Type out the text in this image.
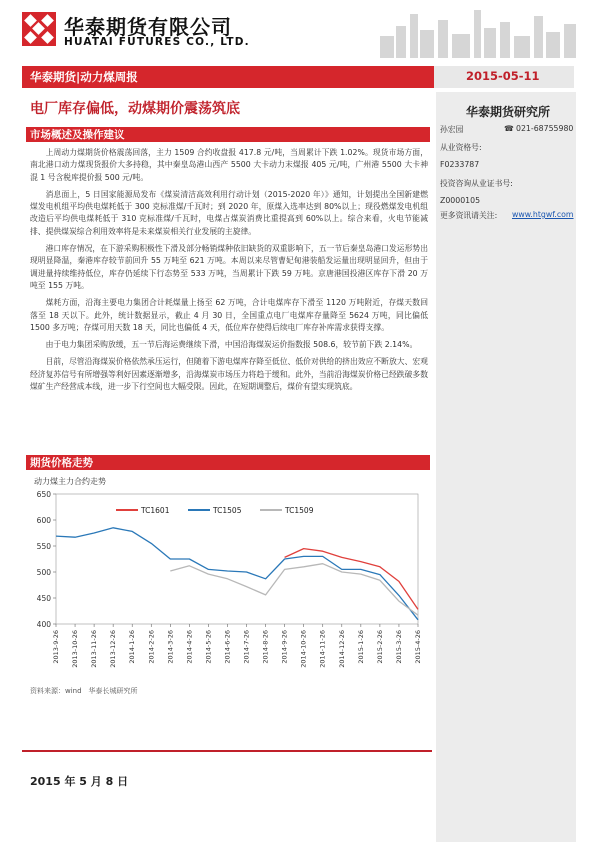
华泰期货有限公司
HUATAI FUTURES CO., LTD.
华泰期货|动力煤周报	2015-05-11
华泰期货研究所
孙宏园	☎ 021-68755980
从业资格号:
F0233787
投资咨询从业证书号:
Z0000105
更多资讯请关注: www.htgwf.com
电厂库存偏低，动煤期价震荡筑底
市场概述及操作建议

上周动力煤期货价格震荡回落，主力 1509 合约收盘报 417.8 元/吨，当周累计下跌 1.02%。现货市场方面，南北港口动力煤现货报价大多持稳，其中秦皇岛港山西产 5500 大卡动力末煤报 405 元/吨，广州港 5500 大卡神混 1 号含税库提价报 500 元/吨。

消息面上，5 日国家能源局发布《煤炭清洁高效利用行动计划（2015-2020 年）》通知，计划提出全国新建燃煤发电机组平均供电煤耗低于 300 克标准煤/千瓦时；到 2020 年，原煤入选率达到 80%以上；现役燃煤发电机组改造后平均供电煤耗低于 310 克标准煤/千瓦时，电煤占煤炭消费比重提高到 60%以上。综合来看，火电节能减排、提供煤炭综合利用效率将是未来煤炭相关行业发展的主旋律。

港口库存情况，在下游采购积极性下滑及部分畅销煤种依旧缺货的双重影响下，五一节后秦皇岛港口发运形势出现明显降温，秦港库存较节前回升 55 万吨至 621 万吨。本周以来尽管曹妃甸港装船发运量出现明显回升，但由于调进量持续维持低位，库存仍延续下行态势至 533 万吨，当周累计下跌 59 万吨。京唐港国投港区库存下滑 20 万吨至 155 万吨。

煤耗方面，沿海主要电力集团合计耗煤量上扬至 62 万吨，合计电煤库存下滑至 1120 万吨附近，存煤天数回落至 18 天以下。此外，统计数据显示，截止 4 月 30 日，全国重点电厂电煤库存量降至 5624 万吨，同比偏低 1500 多万吨；存煤可用天数 18 天，同比也偏低 4 天，低位库存使得后续电厂库存补库需求获得支撑。

由于电力集团采购放缓，五一节后海运费继续下滑，中国沿海煤炭运价指数报 508.6，较节前下跌 2.14%。

目前，尽管沿海煤炭价格依然承压运行，但随着下游电煤库存降至低位、低价对供给的挤出效应不断放大、宏观经济复苏信号有所增强等利好因素逐渐增多，沿海煤炭市场压力将趋于缓和。此外，当前沿海煤炭价格已经跌破多数煤矿生产经营成本线，进一步下行空间也大幅受限。因此，在短期调整后，煤价有望实现筑底。

期货价格走势
动力煤主力合约走势
400
450
500
550
600
650
2013-9-26 2013-10-26 2013-11-26 2013-12-26 2014-1-26 2014-2-26 2014-3-26 2014-4-26 2014-5-26 2014-6-26 2014-7-26 2014-8-26 2014-9-26 2014-10-26 2014-11-26 2014-12-26 2015-1-26 2015-2-26 2015-3-26 2015-4-26
TC1601	TC1505	TC1509
资料来源：wind　华泰长城研究所
2015 年 5 月 8 日
